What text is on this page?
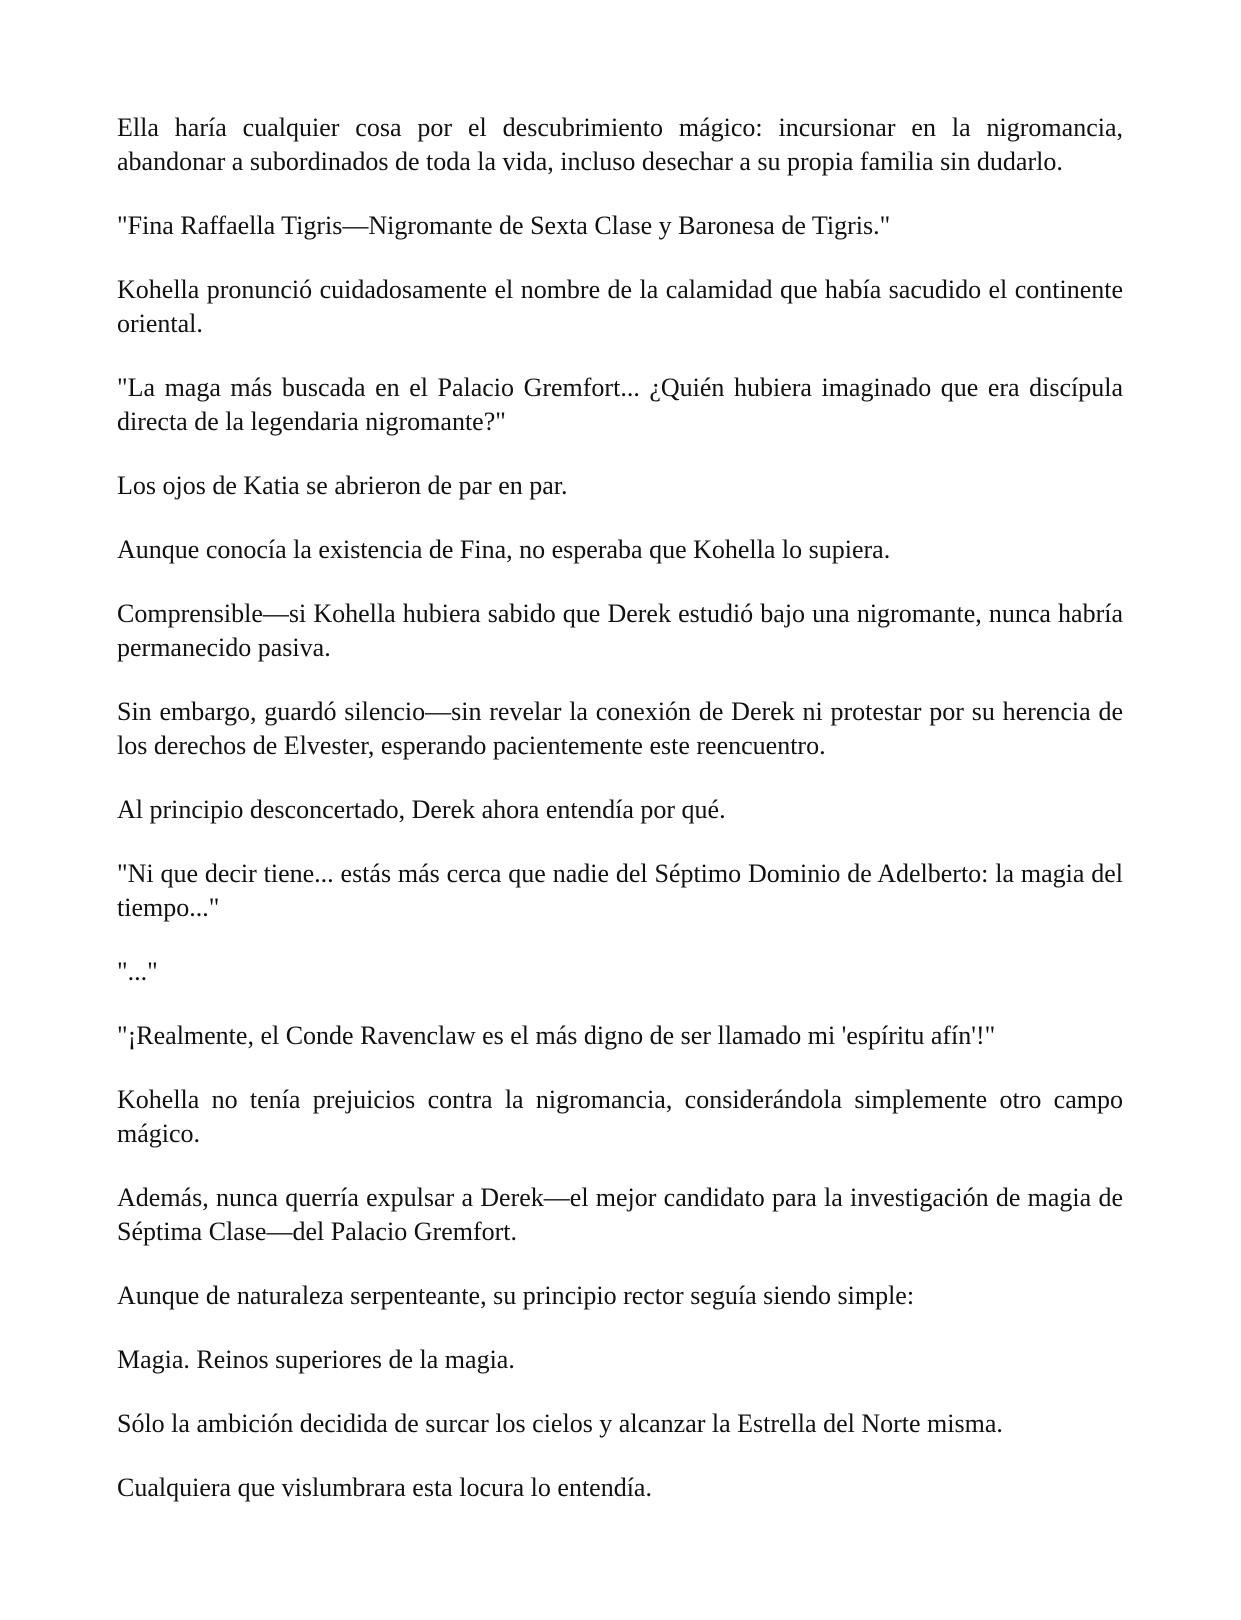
Ella haría cualquier cosa por el descubrimiento mágico: incursionar en la nigromancia, abandonar a subordinados de toda la vida, incluso desechar a su propia familia sin dudarlo.

"Fina Raffaella Tigris—Nigromante de Sexta Clase y Baronesa de Tigris."

Kohella pronunció cuidadosamente el nombre de la calamidad que había sacudido el continente oriental.

"La maga más buscada en el Palacio Gremfort... ¿Quién hubiera imaginado que era discípula directa de la legendaria nigromante?"

Los ojos de Katia se abrieron de par en par.

Aunque conocía la existencia de Fina, no esperaba que Kohella lo supiera.

Comprensible—si Kohella hubiera sabido que Derek estudió bajo una nigromante, nunca habría permanecido pasiva.

Sin embargo, guardó silencio—sin revelar la conexión de Derek ni protestar por su herencia de los derechos de Elvester, esperando pacientemente este reencuentro.

Al principio desconcertado, Derek ahora entendía por qué.

"Ni que decir tiene... estás más cerca que nadie del Séptimo Dominio de Adelberto: la magia del tiempo..."

"..."

"¡Realmente, el Conde Ravenclaw es el más digno de ser llamado mi 'espíritu afín'!"

Kohella no tenía prejuicios contra la nigromancia, considerándola simplemente otro campo mágico.

Además, nunca querría expulsar a Derek—el mejor candidato para la investigación de magia de Séptima Clase—del Palacio Gremfort.

Aunque de naturaleza serpenteante, su principio rector seguía siendo simple:

Magia. Reinos superiores de la magia.

Sólo la ambición decidida de surcar los cielos y alcanzar la Estrella del Norte misma.

Cualquiera que vislumbrara esta locura lo entendía.
